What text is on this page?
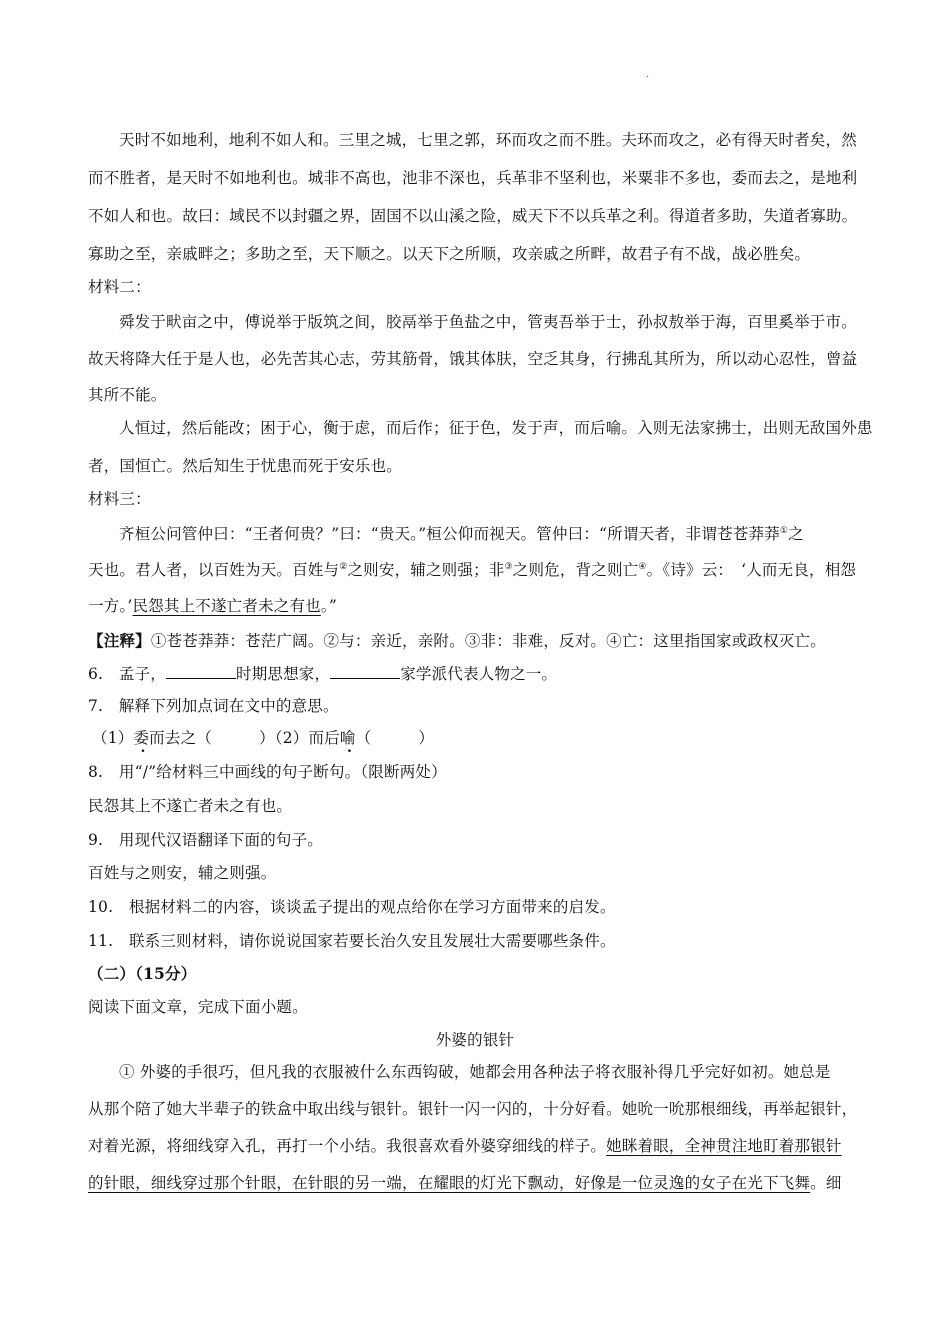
·
天时不如地利，地利不如人和。三里之城，七里之郭，环而攻之而不胜。夫环而攻之，必有得天时者矣，然
而不胜者，是天时不如地利也。城非不高也，池非不深也，兵革非不坚利也，米粟非不多也，委而去之，是地利
不如人和也。故曰：域民不以封疆之界，固国不以山溪之险，威天下不以兵革之利。得道者多助，失道者寡助。
寡助之至，亲戚畔之；多助之至，天下顺之。以天下之所顺，攻亲戚之所畔，故君子有不战，战必胜矣。
材料二：
舜发于畎亩之中，傅说举于版筑之间，胶鬲举于鱼盐之中，管夷吾举于士，孙叔敖举于海，百里奚举于市。
故天将降大任于是人也，必先苦其心志，劳其筋骨，饿其体肤，空乏其身，行拂乱其所为，所以动心忍性，曾益
其所不能。
人恒过，然后能改；困于心，衡于虑，而后作；征于色，发于声，而后喻。入则无法家拂士，出则无敌国外患
者，国恒亡。然后知生于忧患而死于安乐也。
材料三：
齐桓公问管仲曰：“王者何贵？”曰：“贵天。”桓公仰而视天。管仲曰：“所谓天者，非谓苍苍莽莽①之
天也。君人者，以百姓为天。百姓与②之则安，辅之则强；非③之则危，背之则亡④。《诗》云：　‘人而无良，相怨
一方。’民怨其上不遂亡者未之有也。”
【注释】①苍苍莽莽：苍茫广阔。②与：亲近，亲附。③非：非难，反对。④亡：这里指国家或政权灭亡。
6.　孟子，	时期思想家，	家学派代表人物之一。
7.　解释下列加点词在文中的意思。
（1）委而去之（　　　）（2）而后喻（　　　）
8.　用“/”给材料三中画线的句子断句。（限断两处）
民怨其上不遂亡者未之有也。
9.　用现代汉语翻译下面的句子。
百姓与之则安，辅之则强。
10.　根据材料二的内容，谈谈孟子提出的观点给你在学习方面带来的启发。
11.　联系三则材料，请你说说国家若要长治久安且发展壮大需要哪些条件。
（二）（15分）
阅读下面文章，完成下面小题。
外婆的银针
① 外婆的手很巧，但凡我的衣服被什么东西钩破，她都会用各种法子将衣服补得几乎完好如初。她总是
从那个陪了她大半辈子的铁盒中取出线与银针。银针一闪一闪的，十分好看。她吮一吮那根细线，再举起银针，
对着光源，将细线穿入孔，再打一个小结。我很喜欢看外婆穿细线的样子。她眯着眼，全神贯注地盯着那银针
的针眼，细线穿过那个针眼，在针眼的另一端，在耀眼的灯光下飘动，好像是一位灵逸的女子在光下飞舞。细
